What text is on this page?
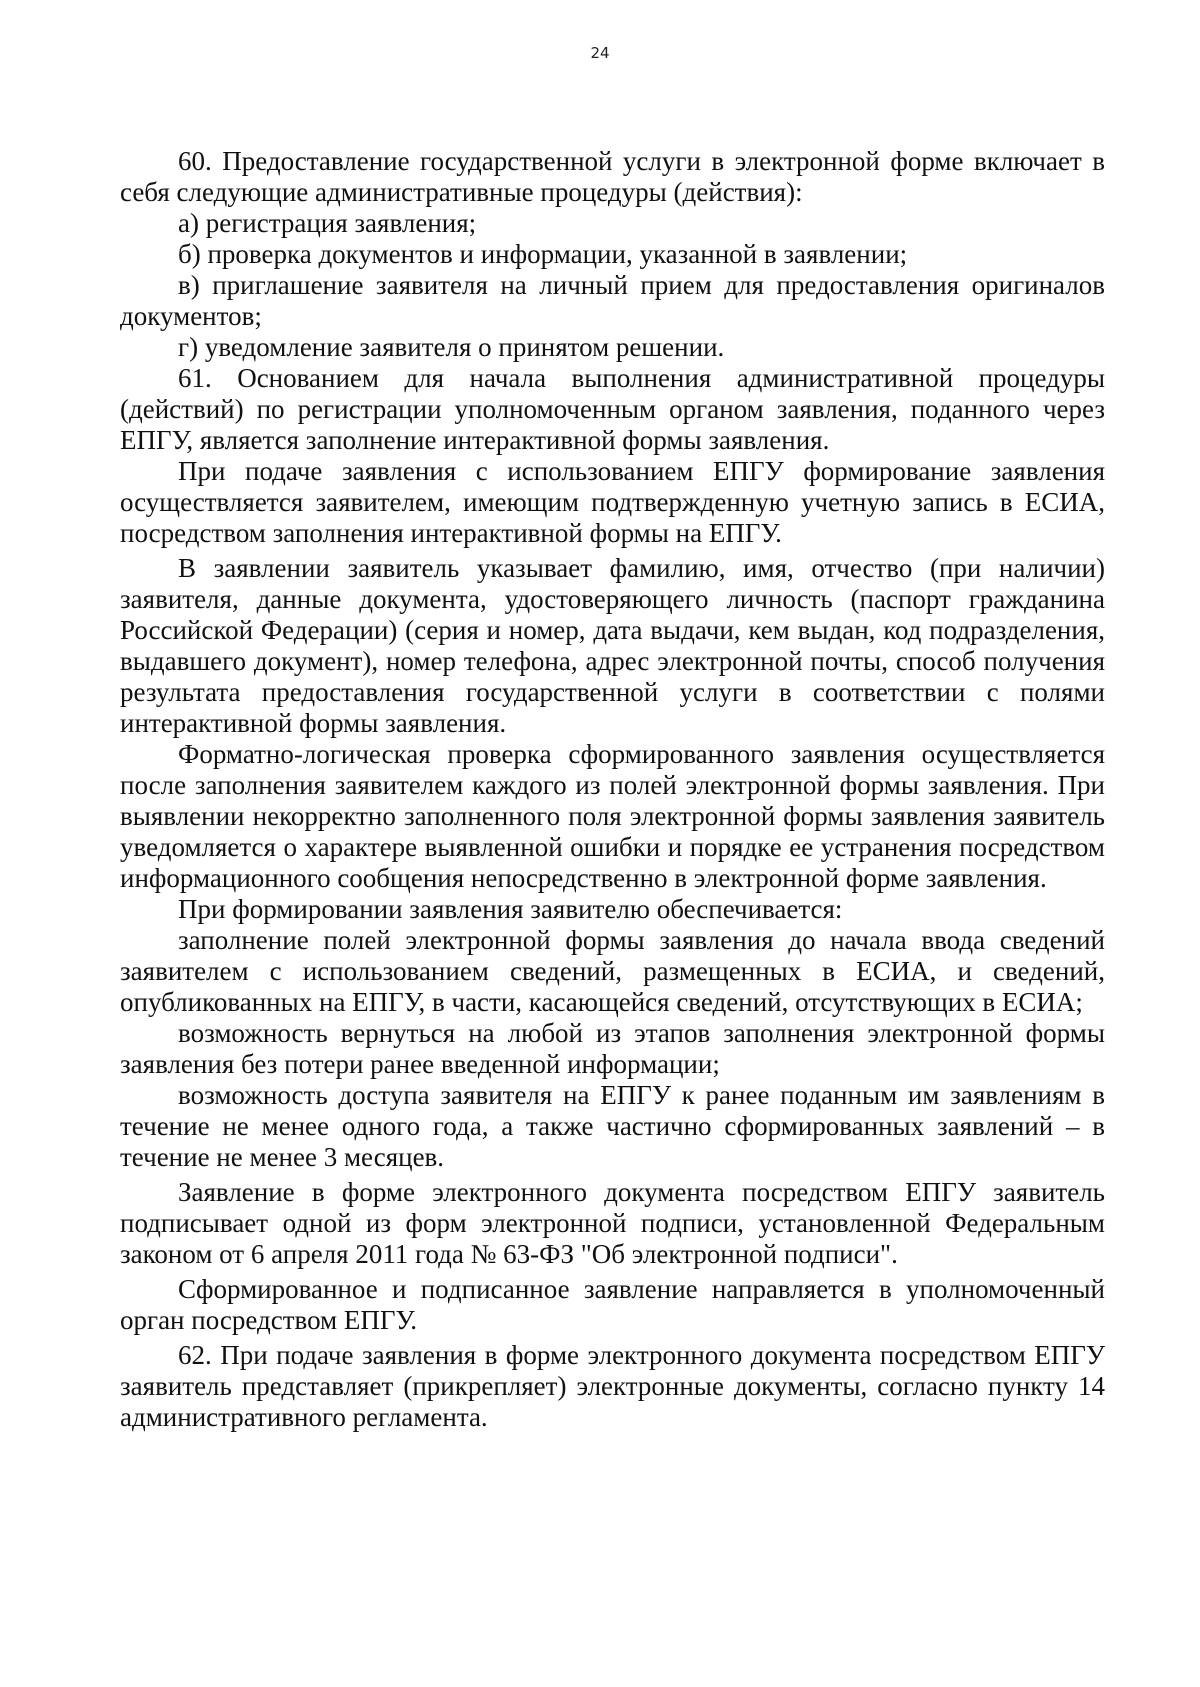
24

60. Предоставление государственной услуги в электронной форме включает в себя следующие административные процедуры (действия):

а) регистрация заявления;

б) проверка документов и информации, указанной в заявлении;

в) приглашение заявителя на личный прием для предоставления оригиналов документов;

г) уведомление заявителя о принятом решении.

61. Основанием для начала выполнения административной процедуры (действий) по регистрации уполномоченным органом заявления, поданного через ЕПГУ, является заполнение интерактивной формы заявления.

При подаче заявления с использованием ЕПГУ формирование заявления осуществляется заявителем, имеющим подтвержденную учетную запись в ЕСИА, посредством заполнения интерактивной формы на ЕПГУ.

В заявлении заявитель указывает фамилию, имя, отчество (при наличии) заявителя, данные документа, удостоверяющего личность (паспорт гражданина Российской Федерации) (серия и номер, дата выдачи, кем выдан, код подразделения, выдавшего документ), номер телефона, адрес электронной почты, способ получения результата предоставления государственной услуги в соответствии с полями интерактивной формы заявления.

Форматно-логическая проверка сформированного заявления осуществляется после заполнения заявителем каждого из полей электронной формы заявления. При выявлении некорректно заполненного поля электронной формы заявления заявитель уведомляется о характере выявленной ошибки и порядке ее устранения посредством информационного сообщения непосредственно в электронной форме заявления.

При формировании заявления заявителю обеспечивается:

заполнение полей электронной формы заявления до начала ввода сведений заявителем с использованием сведений, размещенных в ЕСИА, и сведений, опубликованных на ЕПГУ, в части, касающейся сведений, отсутствующих в ЕСИА;

возможность вернуться на любой из этапов заполнения электронной формы заявления без потери ранее введенной информации;

возможность доступа заявителя на ЕПГУ к ранее поданным им заявлениям в течение не менее одного года, а также частично сформированных заявлений – в течение не менее 3 месяцев.

Заявление в форме электронного документа посредством ЕПГУ заявитель подписывает одной из форм электронной подписи, установленной Федеральным законом от 6 апреля 2011 года № 63-ФЗ "Об электронной подписи".

Сформированное и подписанное заявление направляется в уполномоченный орган посредством ЕПГУ.

62. При подаче заявления в форме электронного документа посредством ЕПГУ заявитель представляет (прикрепляет) электронные документы, согласно пункту 14 административного регламента.
